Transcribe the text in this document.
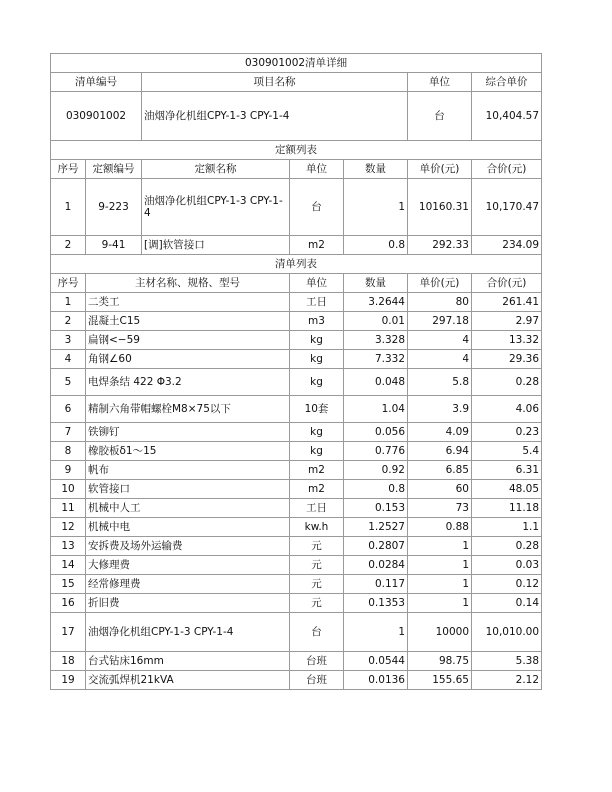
030901002清单详细						
清单编号		项目名称			单位	综合单价
030901002		油烟净化机组CPY-1-3 CPY-1-4			台	10,404.57
定额列表						
序号	定额编号	定额名称	单位	数量	单价(元)	合价(元)
1	9-223	油烟净化机组CPY-1-3 CPY-1-4	台	1	10160.31	10,170.47
2	9-41	[调]软管接口	m2	0.8	292.33	234.09
清单列表						
序号	主材名称、规格、型号		单位	数量	单价(元)	合价(元)
1	二类工		工日	3.2644	80	261.41
2	混凝土C15		m3	0.01	297.18	2.97
3	扁钢<−59		kg	3.328	4	13.32
4	角钢∠60		kg	7.332	4	29.36
5	电焊条结 422 Φ3.2		kg	0.048	5.8	0.28
6	精制六角带帽螺栓M8×75以下		10套	1.04	3.9	4.06
7	铁铆钉		kg	0.056	4.09	0.23
8	橡胶板δ1～15		kg	0.776	6.94	5.4
9	帆布		m2	0.92	6.85	6.31
10	软管接口		m2	0.8	60	48.05
11	机械中人工		工日	0.153	73	11.18
12	机械中电		kw.h	1.2527	0.88	1.1
13	安拆费及场外运输费		元	0.2807	1	0.28
14	大修理费		元	0.0284	1	0.03
15	经常修理费		元	0.117	1	0.12
16	折旧费		元	0.1353	1	0.14
17	油烟净化机组CPY-1-3 CPY-1-4		台	1	10000	10,010.00
18	台式钻床16mm		台班	0.0544	98.75	5.38
19	交流弧焊机21kVA		台班	0.0136	155.65	2.12
